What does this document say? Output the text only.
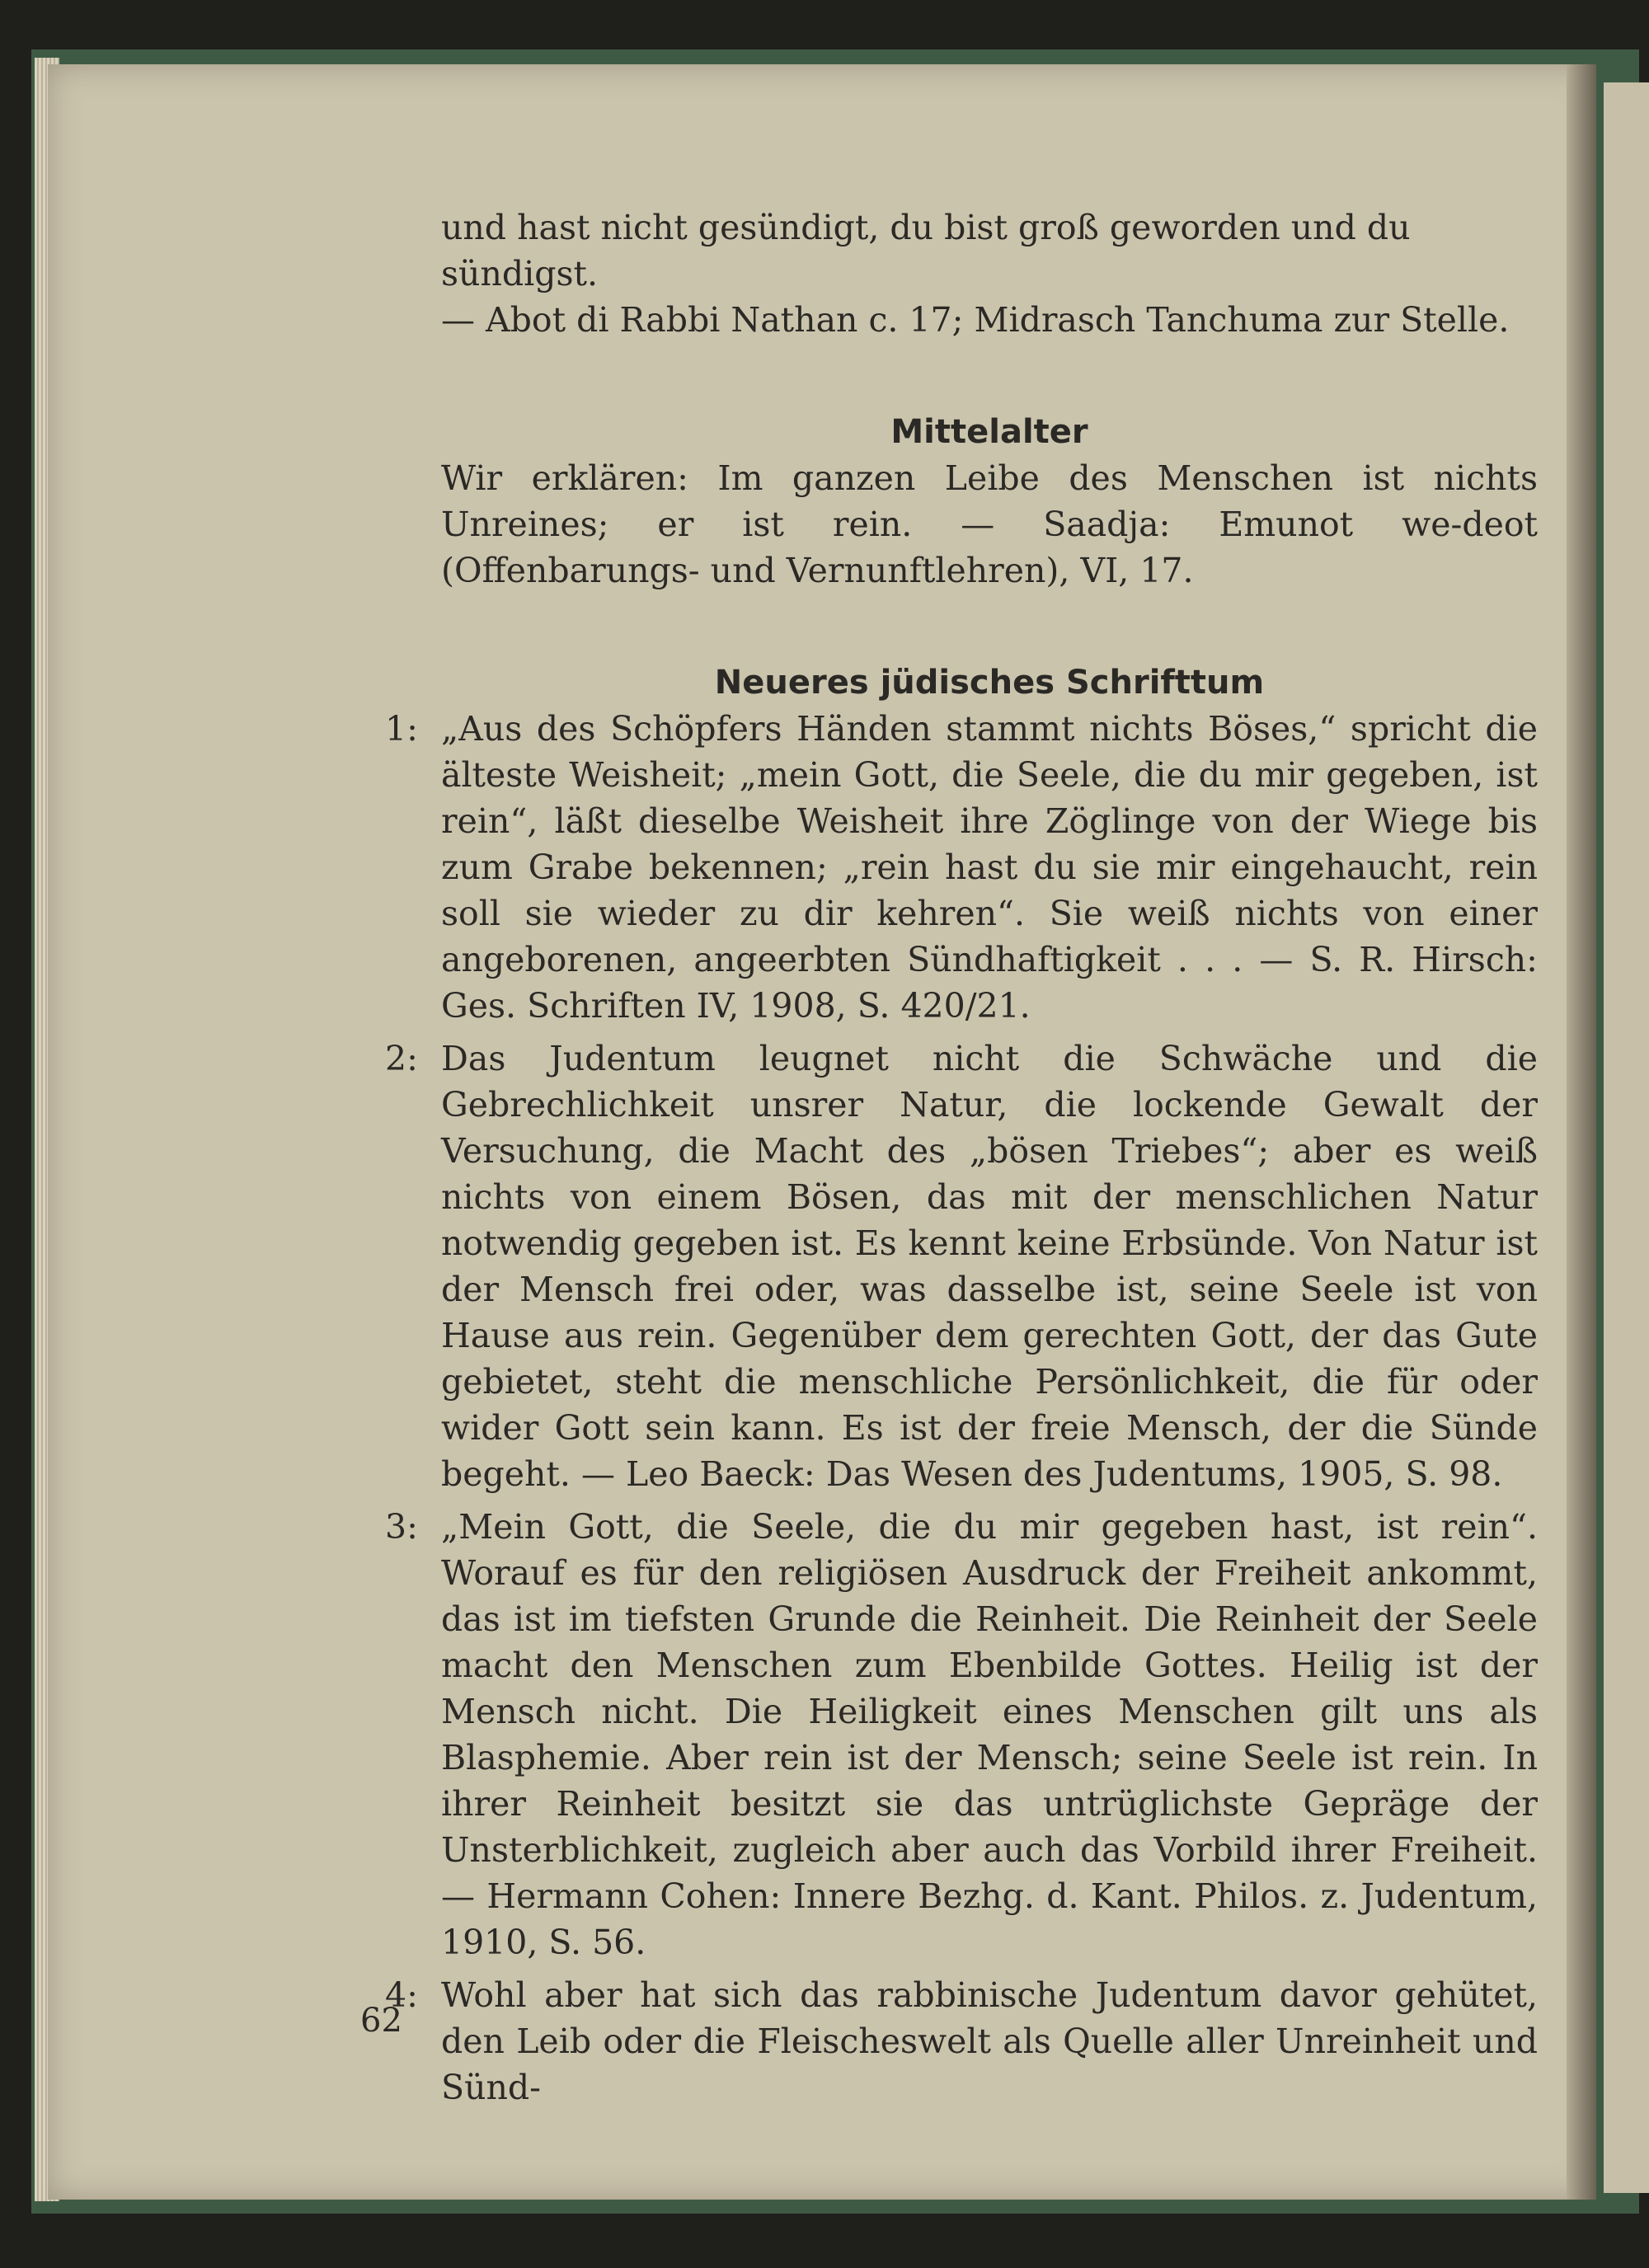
und hast nicht gesündigt, du bist groß geworden und du sündigst.

— Abot di Rabbi Nathan c. 17; Midrasch Tanchuma zur Stelle.

Mittelalter

Wir erklären: Im ganzen Leibe des Menschen ist nichts Unreines; er ist rein. — Saadja: Emunot we-deot (Offenbarungs- und Vernunftlehren), VI, 17.

Neueres jüdisches Schrifttum

1: „Aus des Schöpfers Händen stammt nichts Böses,“ spricht die älteste Weisheit; „mein Gott, die Seele, die du mir gegeben, ist rein“, läßt dieselbe Weisheit ihre Zöglinge von der Wiege bis zum Grabe bekennen; „rein hast du sie mir eingehaucht, rein soll sie wieder zu dir kehren“. Sie weiß nichts von einer angeborenen, angeerbten Sündhaftigkeit . . . — S. R. Hirsch: Ges. Schriften IV, 1908, S. 420/21.

2: Das Judentum leugnet nicht die Schwäche und die Gebrechlichkeit unsrer Natur, die lockende Gewalt der Versuchung, die Macht des „bösen Triebes“; aber es weiß nichts von einem Bösen, das mit der menschlichen Natur notwendig gegeben ist. Es kennt keine Erbsünde. Von Natur ist der Mensch frei oder, was dasselbe ist, seine Seele ist von Hause aus rein. Gegenüber dem gerechten Gott, der das Gute gebietet, steht die menschliche Persönlichkeit, die für oder wider Gott sein kann. Es ist der freie Mensch, der die Sünde begeht. — Leo Baeck: Das Wesen des Judentums, 1905, S. 98.

3: „Mein Gott, die Seele, die du mir gegeben hast, ist rein“. Worauf es für den religiösen Ausdruck der Freiheit ankommt, das ist im tiefsten Grunde die Reinheit. Die Reinheit der Seele macht den Menschen zum Ebenbilde Gottes. Heilig ist der Mensch nicht. Die Heiligkeit eines Menschen gilt uns als Blasphemie. Aber rein ist der Mensch; seine Seele ist rein. In ihrer Reinheit besitzt sie das untrüglichste Gepräge der Unsterblichkeit, zugleich aber auch das Vorbild ihrer Freiheit. — Hermann Cohen: Innere Bezhg. d. Kant. Philos. z. Judentum, 1910, S. 56.

4: Wohl aber hat sich das rabbinische Judentum davor gehütet, den Leib oder die Fleischeswelt als Quelle aller Unreinheit und Sünd-

62
